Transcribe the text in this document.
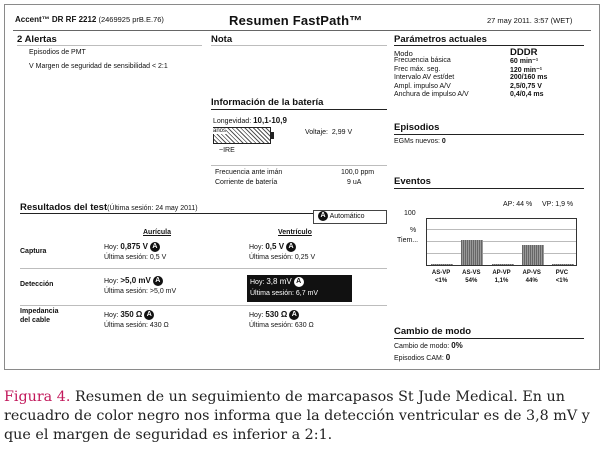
Accent™ DR RF 2212 (2469925 prB.E.76)	Resumen FastPath™	27 may 2011. 3:57 (WET)
2 Alertas
Episodios de PMT
V Margen de seguridad de sensibilidad < 2:1
Nota
Información de la batería
Longevidad: 10,1-10,9
años
~IRE
Voltaje: 2,99 V
Frecuencia ante imán	100,0 ppm
Corriente de batería	9 uA
Parámetros actuales
Episodios
EGMs nuevos: 0
Eventos
AP: 44 % VP: 1,9 %
100
%
Tiem...
Cambio de modo
Cambio de modo: 0%
Episodios CAM: 0
Resultados del test(Última sesión: 24 may 2011)
A Automático
Aurícula	Ventrículo
Captura
Hoy: 0,875 V A
Última sesión: 0,5 V
Hoy: 0,5 V A
Última sesión: 0,25 V
Detección	Hoy: >5,0 mV A
Última sesión: >5,0 mV
Hoy: 3,8 mV A
Última sesión: 6,7 mV
Impedancia
del cable
Hoy: 350 Ω A
Última sesión: 430 Ω
Hoy: 530 Ω A
Última sesión: 630 Ω
Modo	DDDR
Frecuencia básica	60 min⁻¹
Frec máx. seg.	120 min⁻¹
Intervalo AV est/det	200/160 ms
Ampl. impulso A/V	2,5/0,75 V
Anchura de impulso A/V	0,4/0,4 ms
AS-VP
<1%
AS-VS
54%
AP-VP
1,1%
AP-VS
44%
PVC
<1%
Figura 4. Resumen de un seguimiento de marcapasos St Jude Medical. En un recuadro de color negro nos informa que la detección ventricular es de 3,8 mV y que el margen de seguridad es inferior a 2:1.
